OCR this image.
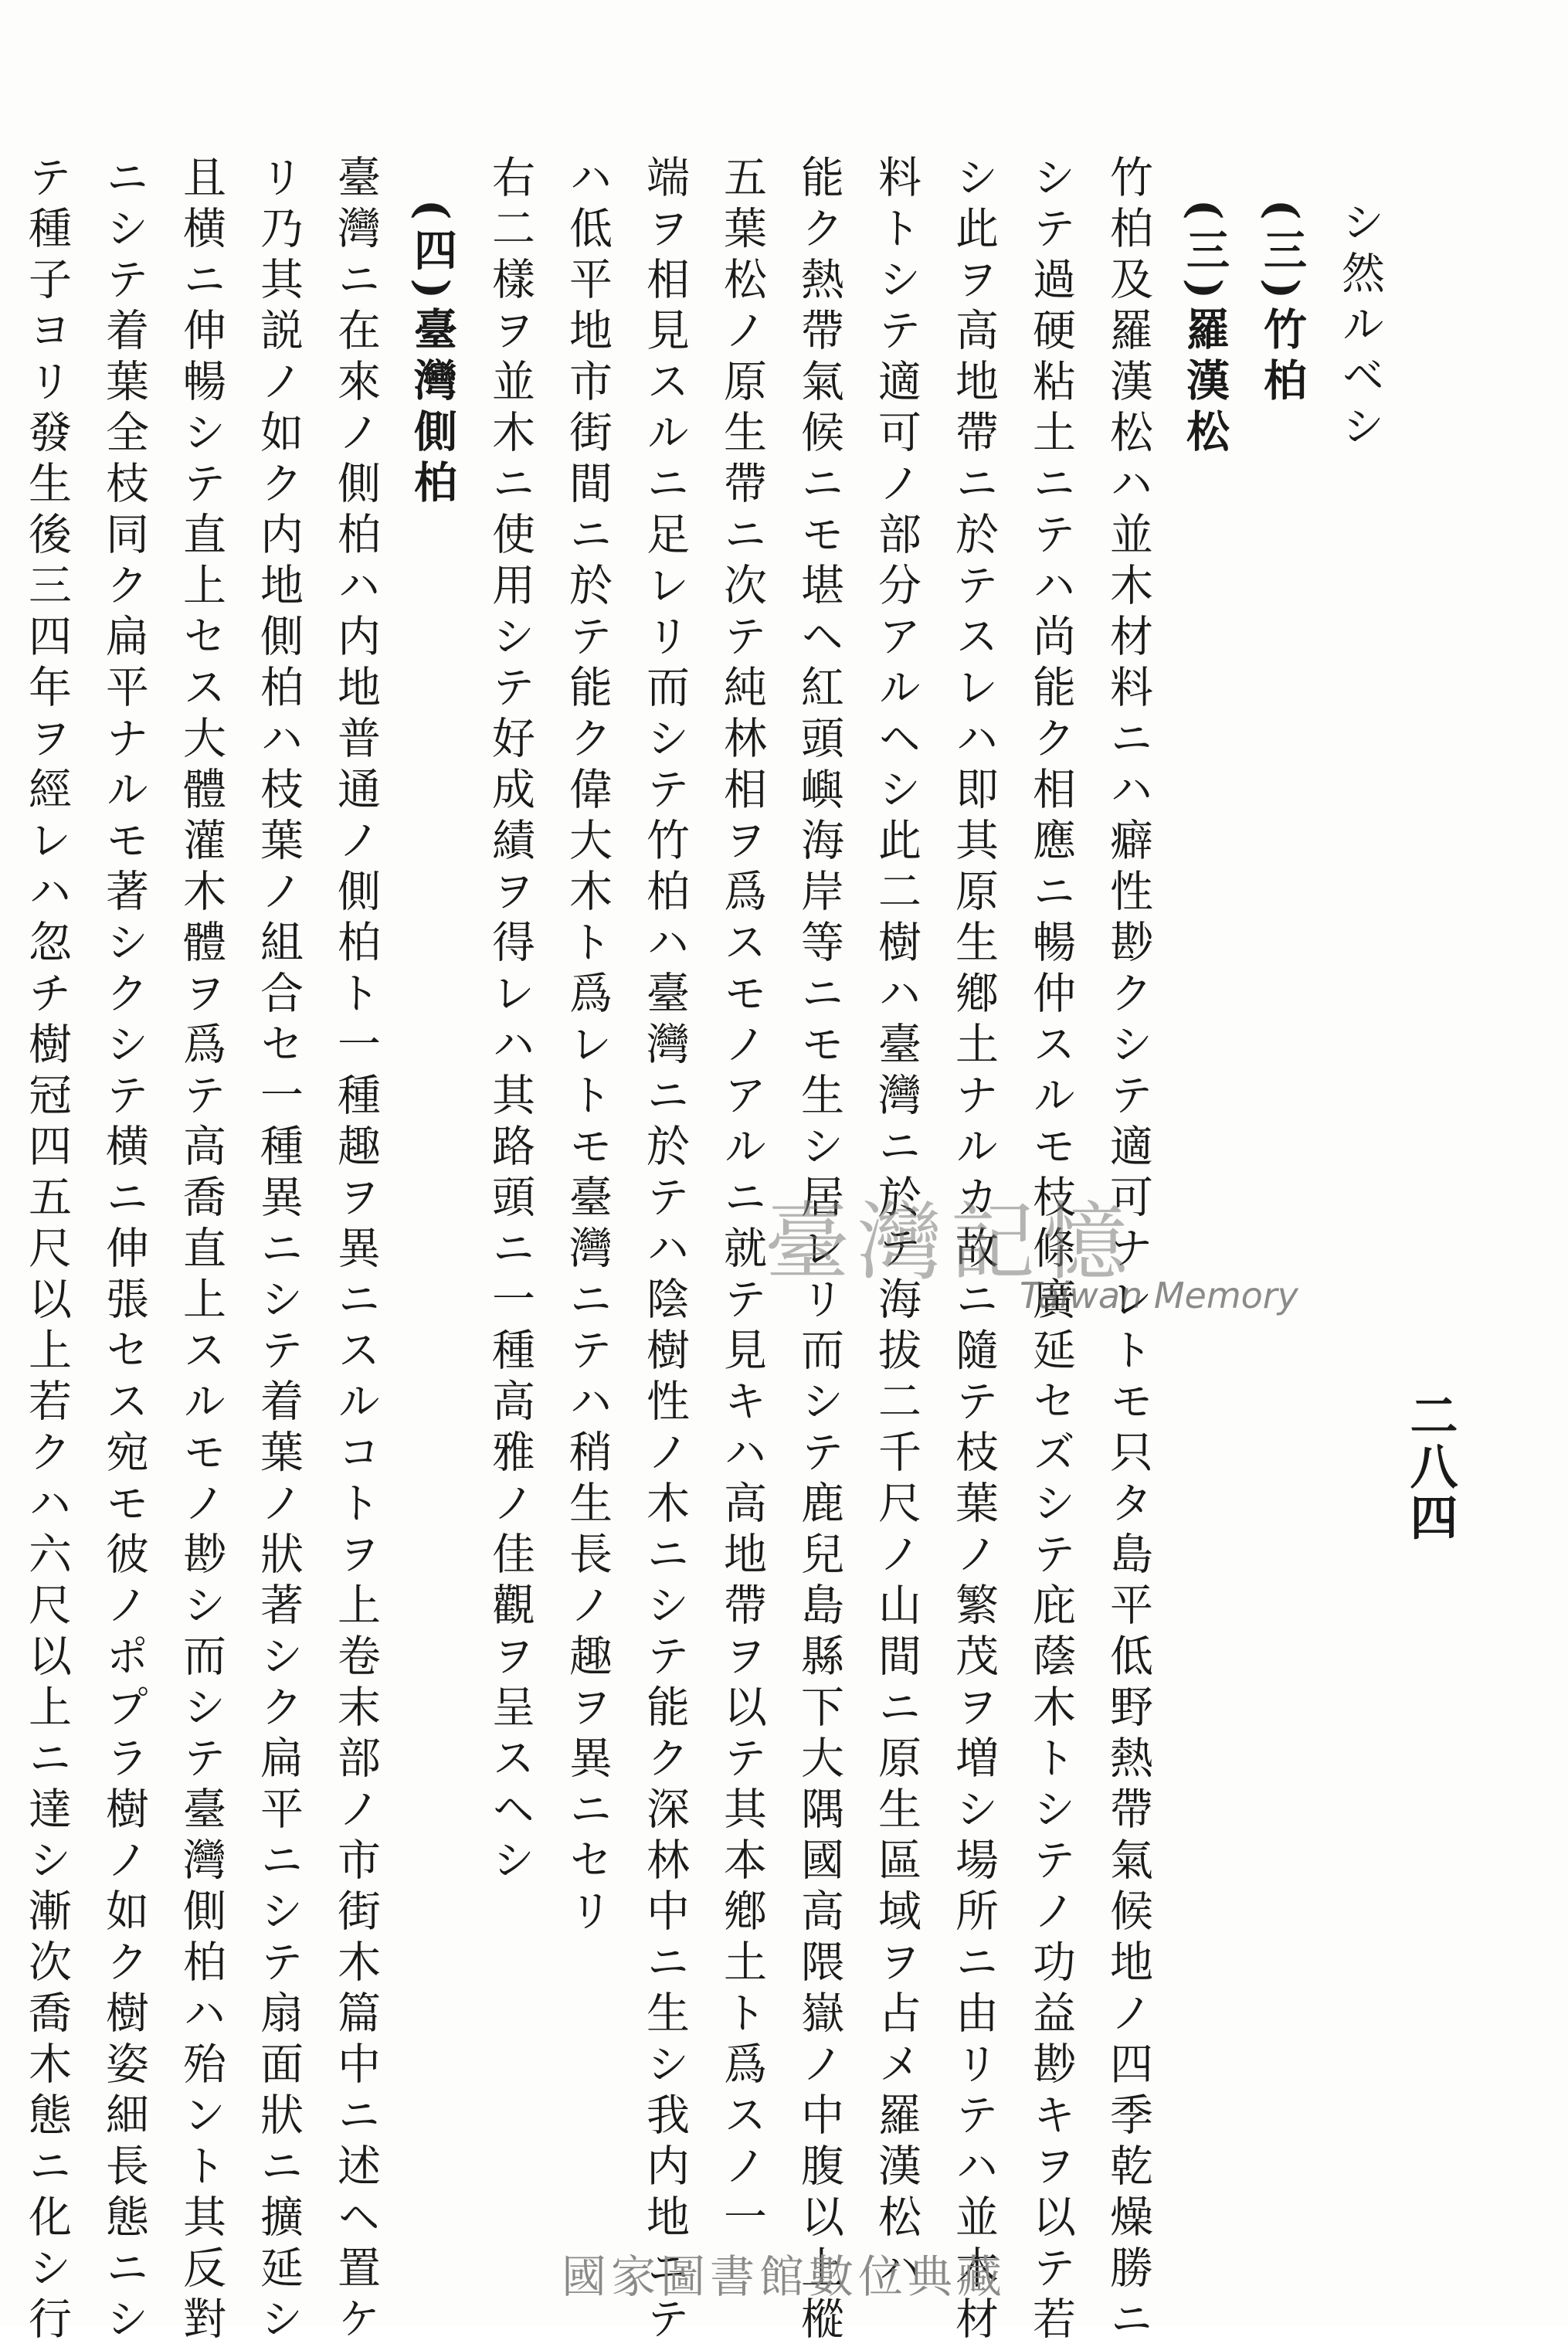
二八四
シ然ルベシ
(三)竹柏
(三)羅漢松
竹柏及羅漢松ハ並木材料ニハ癖性尠クシテ適可ナレトモ只タ島平低野熱帶氣候地ノ四季乾燥勝ニ
シテ過硬粘土ニテハ尚能ク相應ニ暢仲スルモ枝條廣延セズシテ庇蔭木トシテノ功益尠キヲ以テ若
シ此ヲ高地帶ニ於テスレハ即其原生鄕土ナルカ故ニ隨テ枝葉ノ繁茂ヲ増シ場所ニ由リテハ並木材
料トシテ適可ノ部分アルヘシ此二樹ハ臺灣ニ於テ海拔二千尺ノ山間ニ原生區域ヲ占メ羅漢松ハ
能ク熱帶氣候ニモ堪ヘ紅頭嶼海岸等ニモ生シ居レリ而シテ鹿兒島縣下大隅國高隈嶽ノ中腹以上樅
五葉松ノ原生帶ニ次テ純林相ヲ爲スモノアルニ就テ見キハ高地帶ヲ以テ其本鄕土ト爲スノ一
端ヲ相見スルニ足レリ而シテ竹柏ハ臺灣ニ於テハ陰樹性ノ木ニシテ能ク深林中ニ生シ我内地ニテ
ハ低平地市街間ニ於テ能ク偉大木ト爲レトモ臺灣ニテハ稍生長ノ趣ヲ異ニセリ
右二樣ヲ並木ニ使用シテ好成績ヲ得レハ其路頭ニ一種高雅ノ佳觀ヲ呈スヘシ
(四)臺灣側柏
臺灣ニ在來ノ側柏ハ内地普通ノ側柏ト一種趣ヲ異ニスルコトヲ上卷末部ノ市街木篇中ニ述ヘ置ケ
リ乃其説ノ如ク内地側柏ハ枝葉ノ組合セ一種異ニシテ着葉ノ狀著シク扁平ニシテ扇面狀ニ擴延シ
且横ニ伸暢シテ直上セス大體灌木體ヲ爲テ高喬直上スルモノ尠シ而シテ臺灣側柏ハ殆ント其反對
ニシテ着葉全枝同ク扁平ナルモ著シクシテ横ニ伸張セス宛モ彼ノポプラ樹ノ如ク樹姿細長態ニシ
テ種子ヨリ發生後三四年ヲ經レハ忽チ樹冠四五尺以上若クハ六尺以上ニ達シ漸次喬木態ニ化シ行	臺灣記憶
Taiwan Memory
國家圖書館數位典藏
